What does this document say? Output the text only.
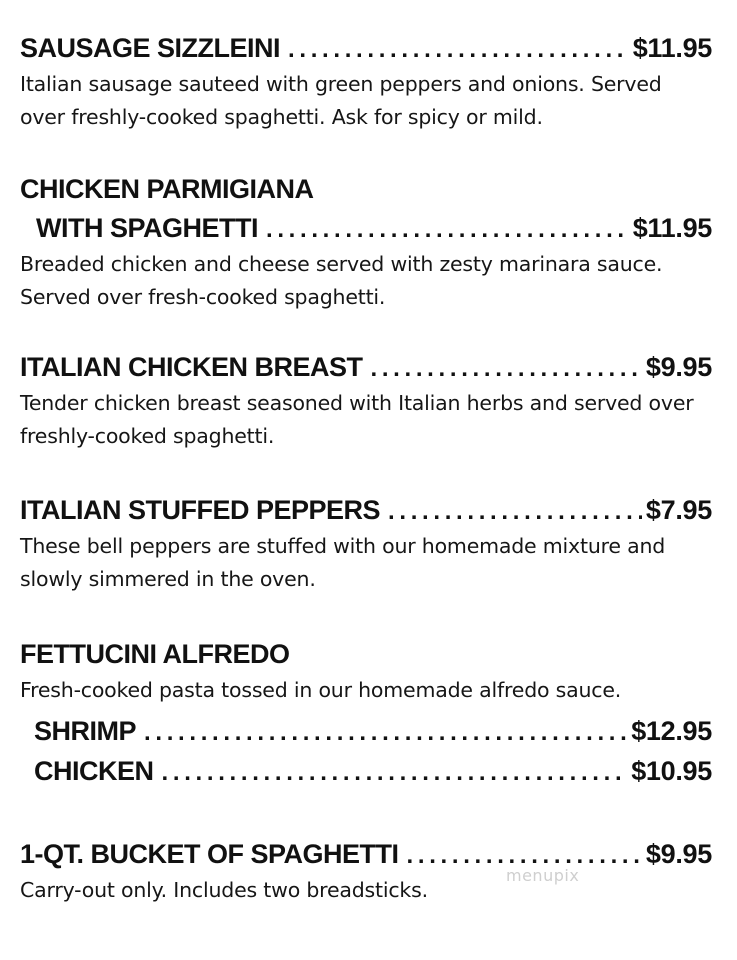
SAUSAGE SIZZLEINI . . .	$11.95

Italian sausage sauteed with green peppers and onions. Served over freshly-cooked spaghetti. Ask for spicy or mild.

CHICKEN PARMIGIANA
WITH SPAGHETTI . . .	$11.95

Breaded chicken and cheese served with zesty marinara sauce. Served over fresh-cooked spaghetti.

ITALIAN CHICKEN BREAST . . .	$9.95

Tender chicken breast seasoned with Italian herbs and served over freshly-cooked spaghetti.

ITALIAN STUFFED PEPPERS . . .	$7.95

These bell peppers are stuffed with our homemade mixture and slowly simmered in the oven.

FETTUCINI ALFREDO

Fresh-cooked pasta tossed in our homemade alfredo sauce.

SHRIMP . . .	$12.95
CHICKEN . . .	$10.95
1-QT. BUCKET OF SPAGHETTI . . .	$9.95

Carry-out only. Includes two breadsticks.

menupix
